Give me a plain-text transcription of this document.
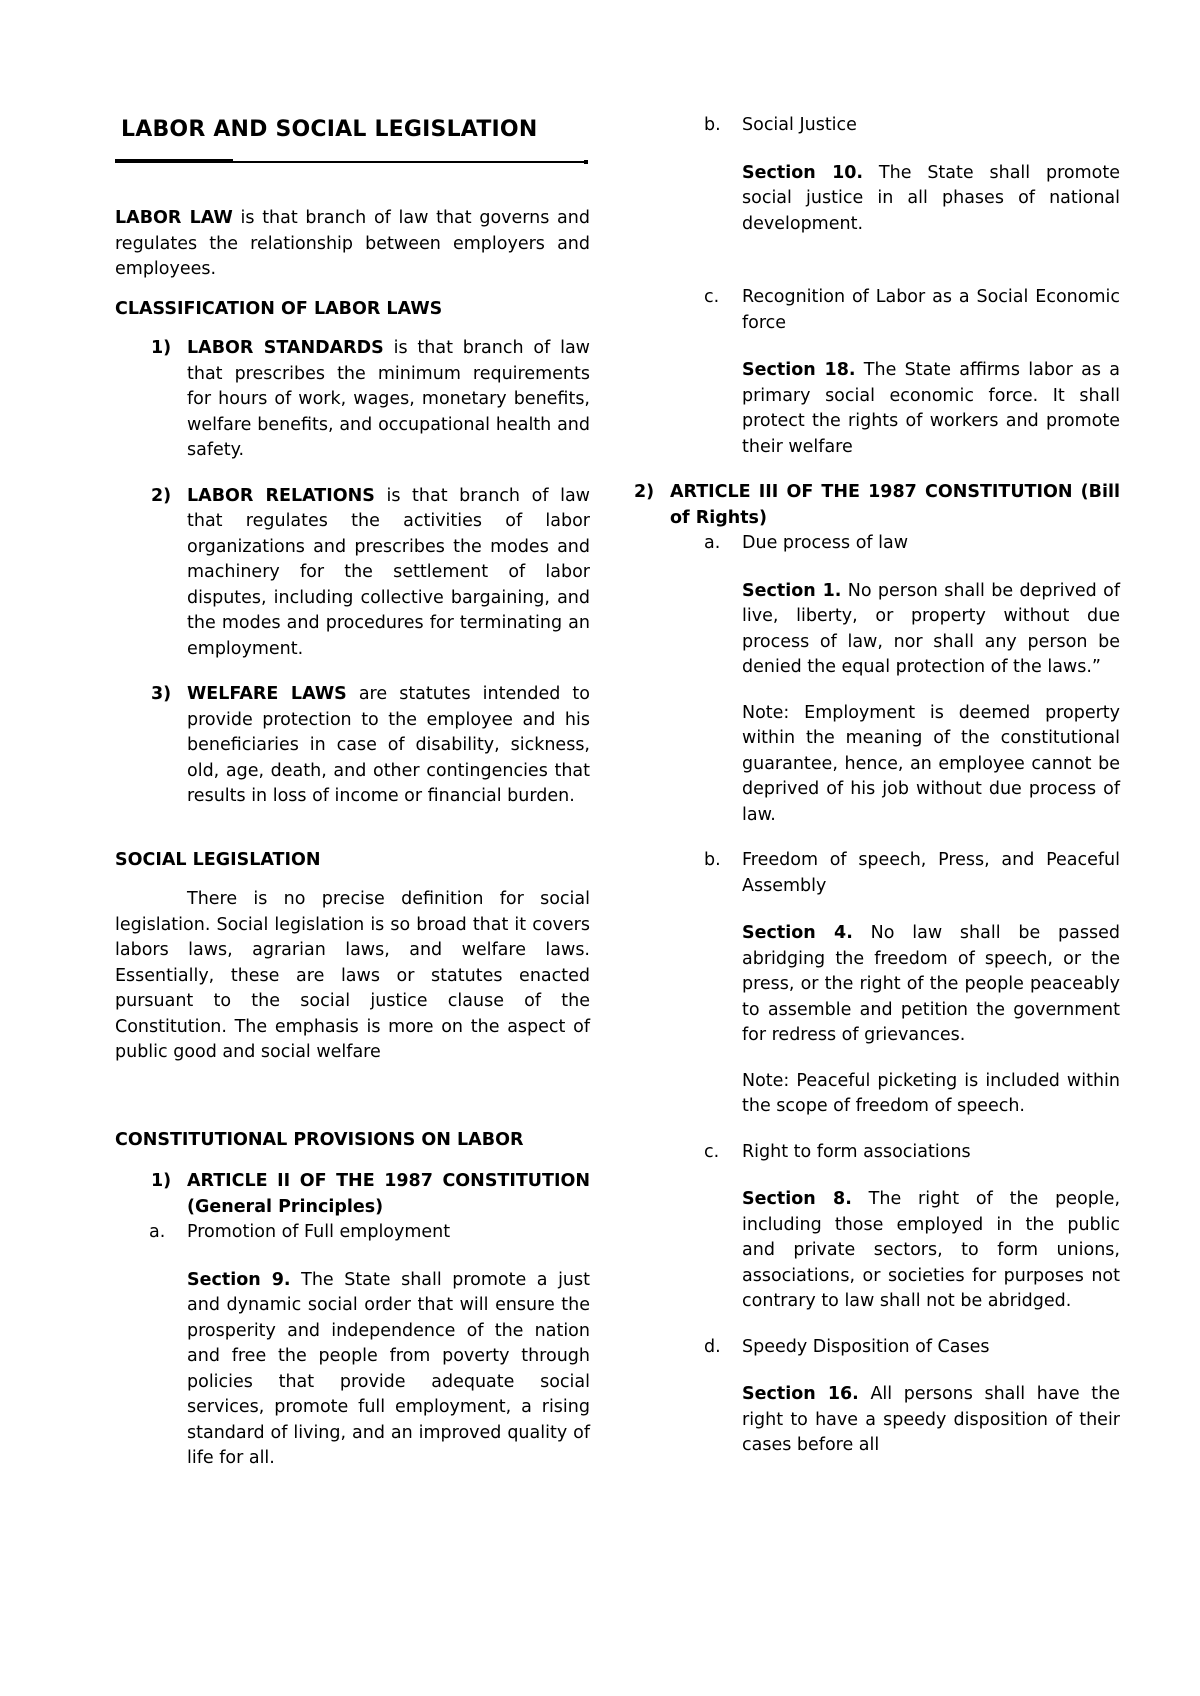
LABOR AND SOCIAL LEGISLATION

LABOR LAW is that branch of law that governs and regulates the relationship between employers and employees.

CLASSIFICATION OF LABOR LAWS

1) LABOR STANDARDS is that branch of law that prescribes the minimum requirements for hours of work, wages, monetary benefits, welfare benefits, and occupational health and safety.
2) LABOR RELATIONS is that branch of law that regulates the activities of labor organizations and prescribes the modes and machinery for the settlement of labor disputes, including collective bargaining, and the modes and procedures for terminating an employment.
3) WELFARE LAWS are statutes intended to provide protection to the employee and his beneficiaries in case of disability, sickness, old, age, death, and other contingencies that results in loss of income or financial burden.

SOCIAL LEGISLATION

There is no precise definition for social legislation. Social legislation is so broad that it covers labors laws, agrarian laws, and welfare laws. Essentially, these are laws or statutes enacted pursuant to the social justice clause of the Constitution. The emphasis is more on the aspect of public good and social welfare

CONSTITUTIONAL PROVISIONS ON LABOR

1) ARTICLE II OF THE 1987 CONSTITUTION (General Principles)
a. Promotion of Full employment

Section 9. The State shall promote a just and dynamic social order that will ensure the prosperity and independence of the nation and free the people from poverty through policies that provide adequate social services, promote full employment, a rising standard of living, and an improved quality of life for all.

b. Social Justice

Section 10. The State shall promote social justice in all phases of national development.

c. Recognition of Labor as a Social Economic force

Section 18. The State affirms labor as a primary social economic force. It shall protect the rights of workers and promote their welfare

2) ARTICLE III OF THE 1987 CONSTITUTION (Bill of Rights)
a. Due process of law

Section 1. No person shall be deprived of live, liberty, or property without due process of law, nor shall any person be denied the equal protection of the laws.”

Note: Employment is deemed property within the meaning of the constitutional guarantee, hence, an employee cannot be deprived of his job without due process of law.

b. Freedom of speech, Press, and Peaceful Assembly

Section 4. No law shall be passed abridging the freedom of speech, or the press, or the right of the people peaceably to assemble and petition the government for redress of grievances.

Note: Peaceful picketing is included within the scope of freedom of speech.

c. Right to form associations

Section 8. The right of the people, including those employed in the public and private sectors, to form unions, associations, or societies for purposes not contrary to law shall not be abridged.

d. Speedy Disposition of Cases

Section 16. All persons shall have the right to have a speedy disposition of their cases before all
